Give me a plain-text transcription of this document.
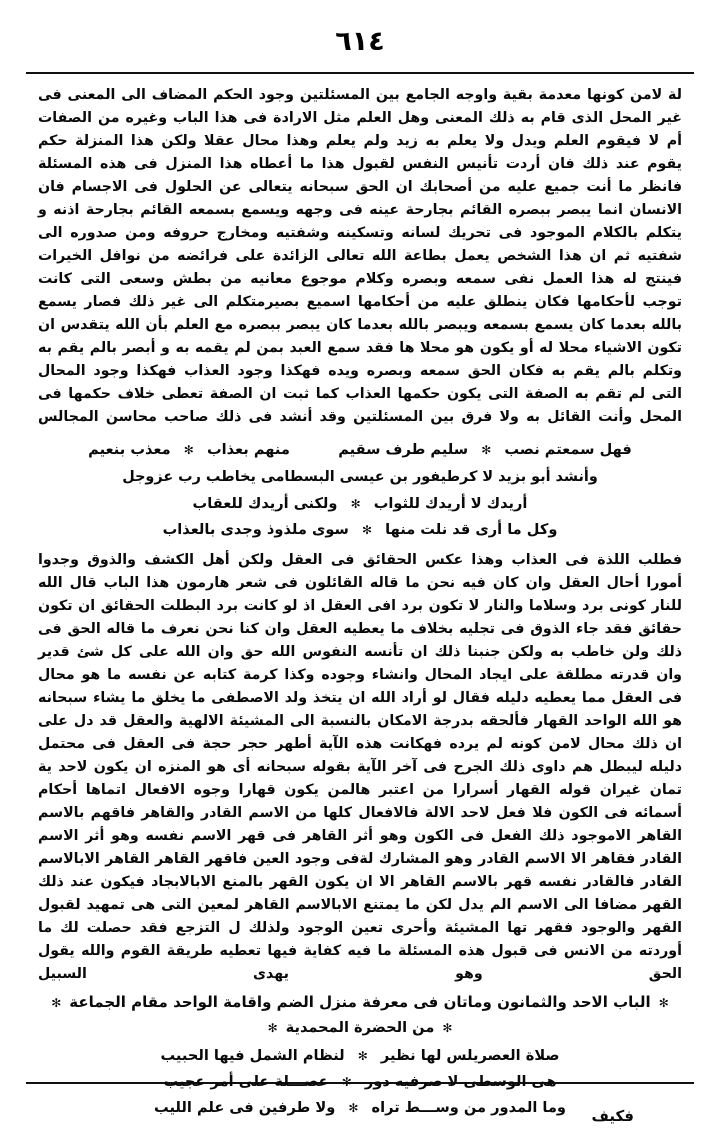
٦١٤

لة لامن كونها معدمة بقية واوجه الجامع بين المسئلتين وجود الحكم المضاف الى المعنى فى غير المحل الذى قام به ذلك المعنى وهل العلم مثل الارادة فى هذا الباب وغيره من الصفات أم لا فيقوم العلم ويدل ولا يعلم به زيد ولم يعلم وهذا محال عقلا ولكن هذا المنزلة حكم يقوم عند ذلك فان أردت تأنيس النفس لقبول هذا ما أعطاه هذا المنزل فى هذه المسئلة فانظر ما أنت جميع عليه من أصحابك ان الحق سبحانه يتعالى عن الحلول فى الاجسام فان الانسان انما يبصر ببصره القائم بجارحة عينه فى وجهه ويسمع بسمعه القائم بجارحة اذنه و يتكلم بالكلام الموجود فى تحريك لسانه وتسكينه وشفتيه ومخارج حروفه ومن صدوره الى شفتيه ثم ان هذا الشخص يعمل بطاعة الله تعالى الزائدة على فرائضه من نوافل الخيرات فينتج له هذا العمل نفى سمعه وبصره وكلام موجوع معانيه من بطش وسعى التى كانت توجب لأحكامها فكان ينطلق عليه من أحكامها اسميع بصيرمتكلم الى غير ذلك فصار يسمع بالله بعدما كان يسمع بسمعه ويبصر بالله بعدما كان يبصر ببصره مع العلم بأن الله يتقدس ان تكون الاشياء محلا له أو يكون هو محلا ها فقد سمع العبد بمن لم يقمه به و أبصر بالم يقم به وتكلم بالم يقم به فكان الحق سمعه وبصره ويده فهكذا وجود العذاب فهكذا وجود المحال التى لم تقم به الصفة التى يكون حكمها العذاب كما ثبت ان الصفة تعطى خلاف حكمها فى المحل وأنت القائل به ولا فرق بين المسئلتين وقد أنشد فى ذلك صاحب محاسن المجالس

فهل سمعتم نصب ✻ سليم طرف سقيم      منهم بعذاب ✻ معذب بنعيم
وأنشد أبو بزيد لا كرطيفور بن عيسى البسطامى يخاطب رب عزوجل
أريدك لا أريدك للثواب ✻ ولكنى أريدك للعقاب
وكل ما أرى قد نلت منها ✻ سوى ملذوذ وجدى بالعذاب

فطلب اللذة فى العذاب وهذا عكس الحقائق فى العقل ولكن أهل الكشف والذوق وجدوا أمورا أحال العقل وان كان فيه نحن ما قاله القائلون فى شعر هارمون هذا الباب قال الله للنار كونى برد وسلاما والنار لا تكون برد افى العقل اذ لو كانت برد البطلت الحقائق ان تكون حقائق فقد جاء الذوق فى تجليه بخلاف ما يعطيه العقل وان كنا نحن نعرف ما قاله الحق فى ذلك ولن خاطب به ولكن جنبنا ذلك ان تأنسه النفوس الله حق وان الله على كل شئ قدير وان قدرته مطلقة على ايجاد المحال وانشاء وجوده وكذا كرمة كتابه عن نفسه ما هو محال فى العقل مما يعطيه دليله فقال لو أراد الله ان يتخذ ولد الاصطفى ما يخلق ما يشاء سبحانه هو الله الواحد القهار فألحقه بدرجة الامكان بالنسبة الى المشيئة الالهية والعقل قد دل على ان ذلك محال لامن كونه لم يرده فهكانت هذه الآية أطهر حجر حجة فى العقل فى محتمل دليله ليبطل هم داوى ذلك الجرح فى آخر الآية بقوله سبحانه أى هو المنزه ان يكون لاحد ية تمان غيران قوله القهار أسرارا من اعتبر هالمن يكون قهارا وجوه الافعال اتماها أحكام أسمائه فى الكون فلا فعل لاحد الالة فالافعال كلها من الاسم القادر والقاهر فاقهم بالاسم القاهر الاموجود ذلك الفعل فى الكون وهو أثر القاهر فى قهر الاسم نفسه وهو أثر الاسم القادر فقاهر الا الاسم القادر وهو المشارك لةفى وجود العين فاقهر القاهر القاهر الابالاسم القادر فالقادر نفسه قهر بالاسم القاهر الا ان يكون القهر بالمنع الابالابجاد فيكون عند ذلك القهر مضافا الى الاسم الم يدل لكن ما يمتنع الابالاسم القاهر لمعين التى هى تمهيد لقبول القهر والوجود فقهر تها المشيئة وأحرى تعين الوجود ولذلك ل التزجع فقد حصلت لك ما أوردته من الانس فى قبول هذه المسئلة ما فيه كفاية فيها تعطيه طريقة القوم والله يقول الحق وهو يهدى السبيل

✻الباب الاحد والثمانون وماتان فى معرفة منزل الضم واقامة الواحد مقام الجماعة✻
✻من الحضرة المحمدية✻
صلاة العصريلس لها نظير ✻ لنظام الشمل فيها الحبيب
هى الوسطى لا صرفيه دور ✻ عصـــلة على أمر عجيب
وما المدور من وســـط تراه ✻ ولا طرفين فى علم الليب	فكيف
